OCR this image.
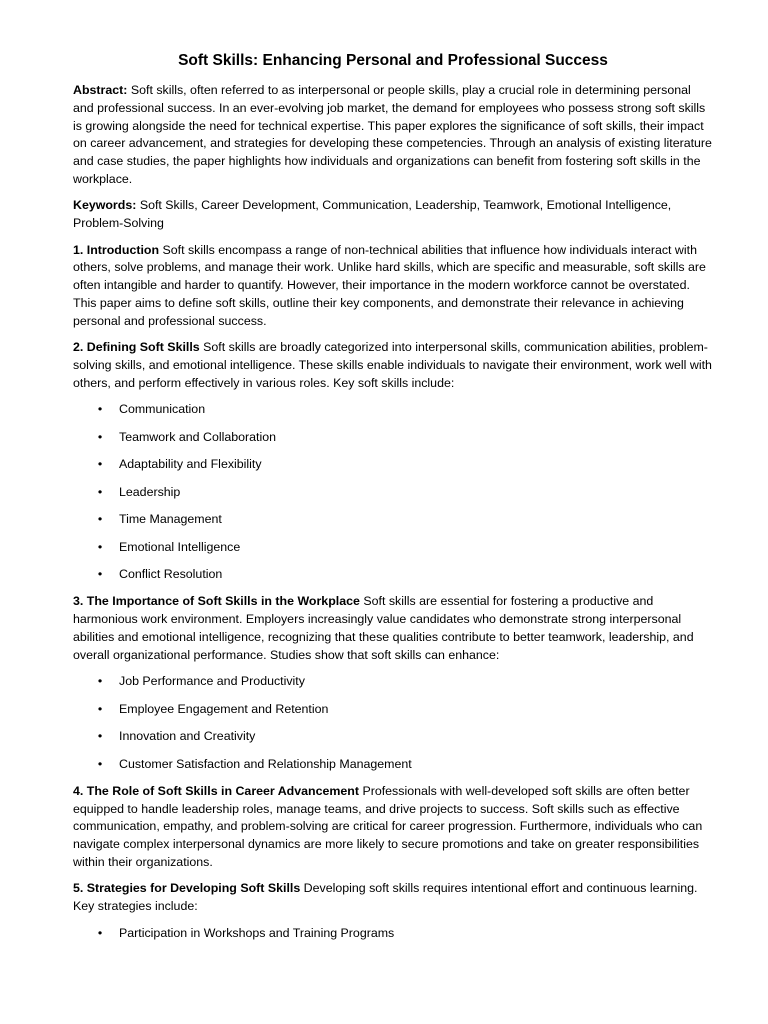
Soft Skills: Enhancing Personal and Professional Success

Abstract: Soft skills, often referred to as interpersonal or people skills, play a crucial role in determining personal and professional success. In an ever-evolving job market, the demand for employees who possess strong soft skills is growing alongside the need for technical expertise. This paper explores the significance of soft skills, their impact on career advancement, and strategies for developing these competencies. Through an analysis of existing literature and case studies, the paper highlights how individuals and organizations can benefit from fostering soft skills in the workplace.

Keywords: Soft Skills, Career Development, Communication, Leadership, Teamwork, Emotional Intelligence, Problem-Solving

1. Introduction Soft skills encompass a range of non-technical abilities that influence how individuals interact with others, solve problems, and manage their work. Unlike hard skills, which are specific and measurable, soft skills are often intangible and harder to quantify. However, their importance in the modern workforce cannot be overstated. This paper aims to define soft skills, outline their key components, and demonstrate their relevance in achieving personal and professional success.

2. Defining Soft Skills Soft skills are broadly categorized into interpersonal skills, communication abilities, problem-solving skills, and emotional intelligence. These skills enable individuals to navigate their environment, work well with others, and perform effectively in various roles. Key soft skills include:

• Communication
• Teamwork and Collaboration
• Adaptability and Flexibility
• Leadership
• Time Management
• Emotional Intelligence
• Conflict Resolution

3. The Importance of Soft Skills in the Workplace Soft skills are essential for fostering a productive and harmonious work environment. Employers increasingly value candidates who demonstrate strong interpersonal abilities and emotional intelligence, recognizing that these qualities contribute to better teamwork, leadership, and overall organizational performance. Studies show that soft skills can enhance:

• Job Performance and Productivity
• Employee Engagement and Retention
• Innovation and Creativity
• Customer Satisfaction and Relationship Management

4. The Role of Soft Skills in Career Advancement Professionals with well-developed soft skills are often better equipped to handle leadership roles, manage teams, and drive projects to success. Soft skills such as effective communication, empathy, and problem-solving are critical for career progression. Furthermore, individuals who can navigate complex interpersonal dynamics are more likely to secure promotions and take on greater responsibilities within their organizations.

5. Strategies for Developing Soft Skills Developing soft skills requires intentional effort and continuous learning. Key strategies include:

• Participation in Workshops and Training Programs
